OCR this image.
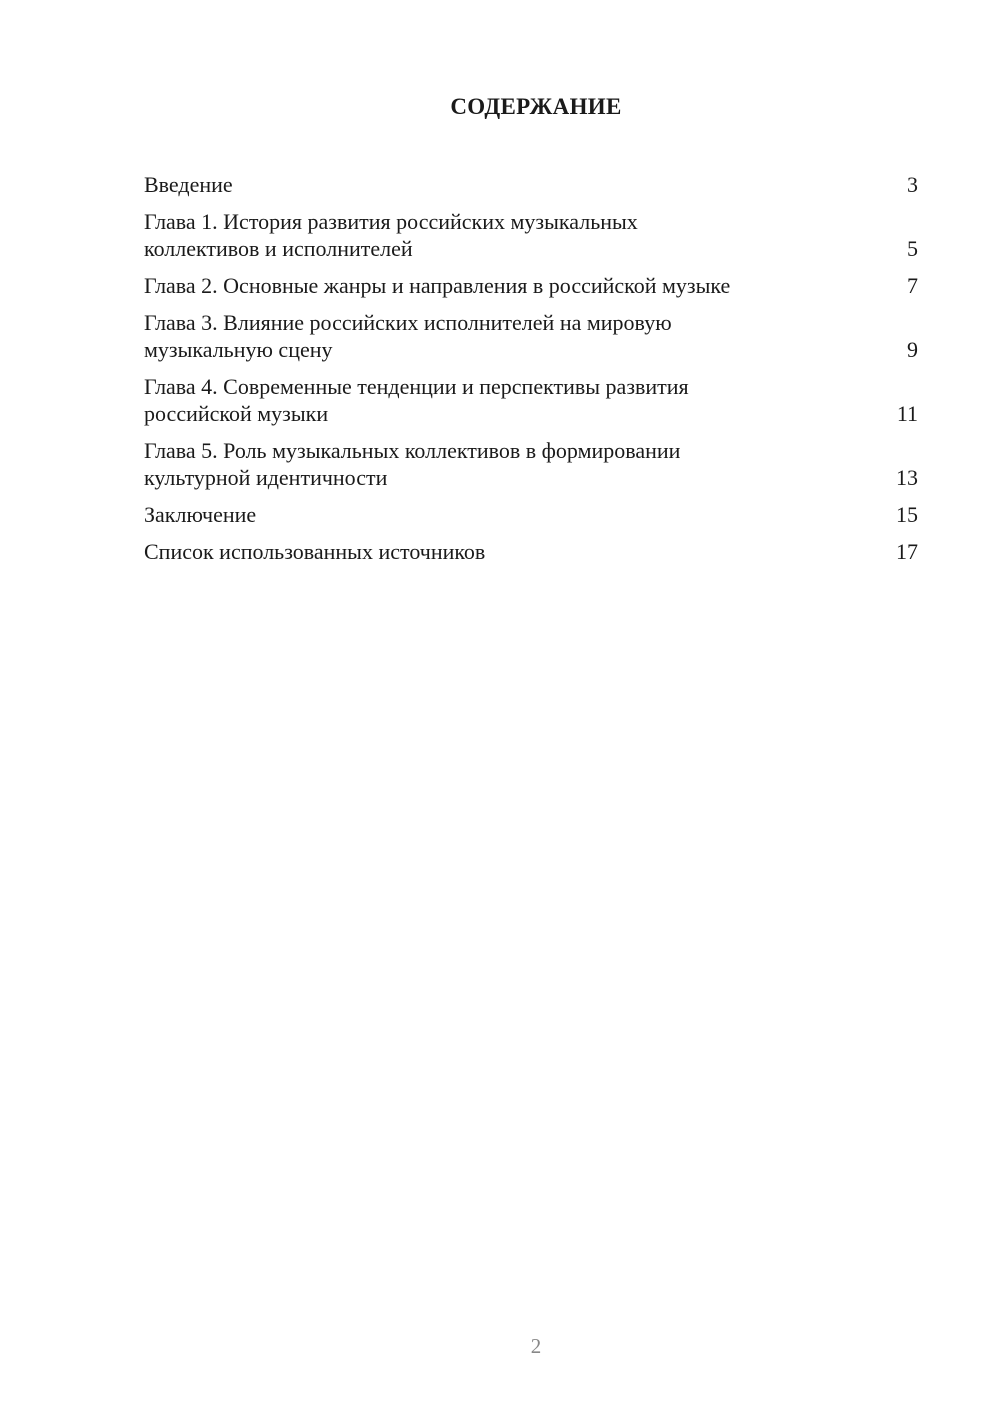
СОДЕРЖАНИЕ
Введение	3
Глава 1. История развития российских музыкальных
коллективов и исполнителей	5
Глава 2. Основные жанры и направления в российской музыке	7
Глава 3. Влияние российских исполнителей на мировую
музыкальную сцену	9
Глава 4. Современные тенденции и перспективы развития
российской музыки	11
Глава 5. Роль музыкальных коллективов в формировании
культурной идентичности	13
Заключение	15
Список использованных источников	17
2
